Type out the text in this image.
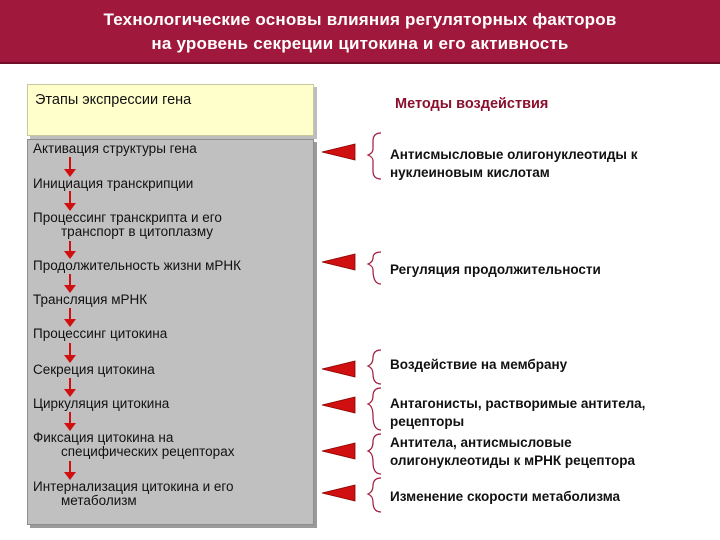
Технологические основы влияния регуляторных факторов
на уровень секреции цитокина и его активность
Этапы экспрессии гена	Методы воздействия
Активация структуры гена
Инициация транскрипции
Процессинг транскрипта и его
транспорт в цитоплазму
Продолжительность жизни мРНК
Трансляция мРНК
Процессинг цитокина
Секреция цитокина
Циркуляция цитокина
Фиксация цитокина на
специфических рецепторах
Интернализация цитокина и его
метаболизм
Антисмысловые олигонуклеотиды к
нуклеиновым кислотам
Регуляция продолжительности
Воздействие на мембрану
Антагонисты, растворимые антитела,
рецепторы
Антитела, антисмысловые
олигонуклеотиды к мРНК рецептора
Изменение скорости метаболизма
